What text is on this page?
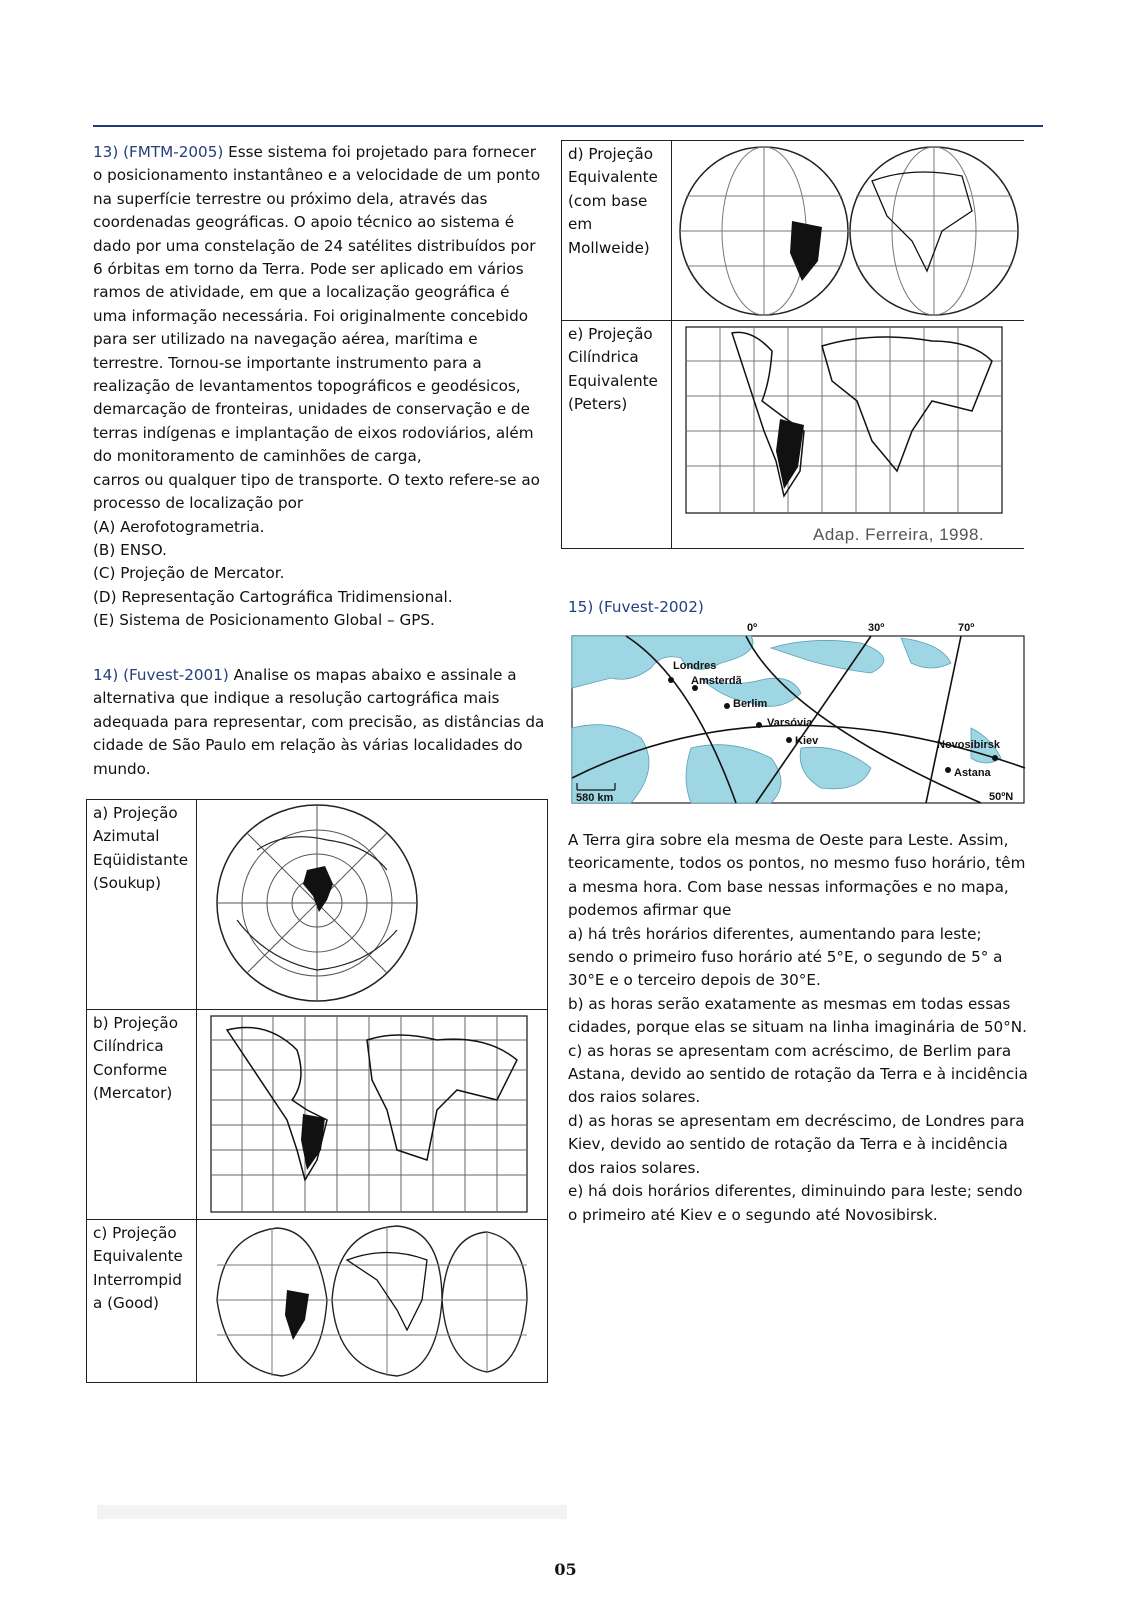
13) (FMTM-2005) Esse sistema foi projetado para fornecer o posicionamento instantâneo e a velocidade de um ponto na superfície terrestre ou próximo dela, através das coordenadas geográficas. O apoio técnico ao sistema é dado por uma constelação de 24 satélites distribuídos por 6 órbitas em torno da Terra. Pode ser aplicado em vários ramos de atividade, em que a localização geográfica é uma informação necessária. Foi originalmente concebido para ser utilizado na navegação aérea, marítima e terrestre. Tornou-se importante instrumento para a realização de levantamentos topográficos e geodésicos, demarcação de fronteiras, unidades de conservação e de terras indígenas e implantação de eixos rodoviários, além do monitoramento de caminhões de carga,

carros ou qualquer tipo de transporte. O texto refere-se ao processo de localização por

(A) Aerofotogrametria.

(B) ENSO.

(C) Projeção de Mercator.

(D) Representação Cartográfica Tridimensional.

(E) Sistema de Posicionamento Global – GPS.

14) (Fuvest-2001) Analise os mapas abaixo e assinale a alternativa que indique a resolução cartográfica mais adequada para representar, com precisão, as distâncias da cidade de São Paulo em relação às várias localidades do mundo.

a) Projeção Azimutal Eqüidistante (Soukup)
b) Projeção Cilíndrica Conforme (Mercator)
c) Projeção Equivalente Interrompid a (Good)
d) Projeção Equivalente (com base em Mollweide)
e) Projeção Cilíndrica Equivalente (Peters)
Adap. Ferreira, 1998.

15) (Fuvest-2002)

0º	30º	70º
Londres
Amsterdã
Berlim
Varsóvia
Kiev	Novosibirsk
Astana
580 km	50ºN

A Terra gira sobre ela mesma de Oeste para Leste. Assim, teoricamente, todos os pontos, no mesmo fuso horário, têm a mesma hora. Com base nessas informações e no mapa, podemos afirmar que

a) há três horários diferentes, aumentando para leste; sendo o primeiro fuso horário até 5°E, o segundo de 5° a 30°E e o terceiro depois de 30°E.

b) as horas serão exatamente as mesmas em todas essas cidades, porque elas se situam na linha imaginária de 50°N.

c) as horas se apresentam com acréscimo, de Berlim para Astana, devido ao sentido de rotação da Terra e à incidência dos raios solares.

d) as horas se apresentam em decréscimo, de Londres para Kiev, devido ao sentido de rotação da Terra e à incidência dos raios solares.

e) há dois horários diferentes, diminuindo para leste; sendo o primeiro até Kiev e o segundo até Novosibirsk.

05
